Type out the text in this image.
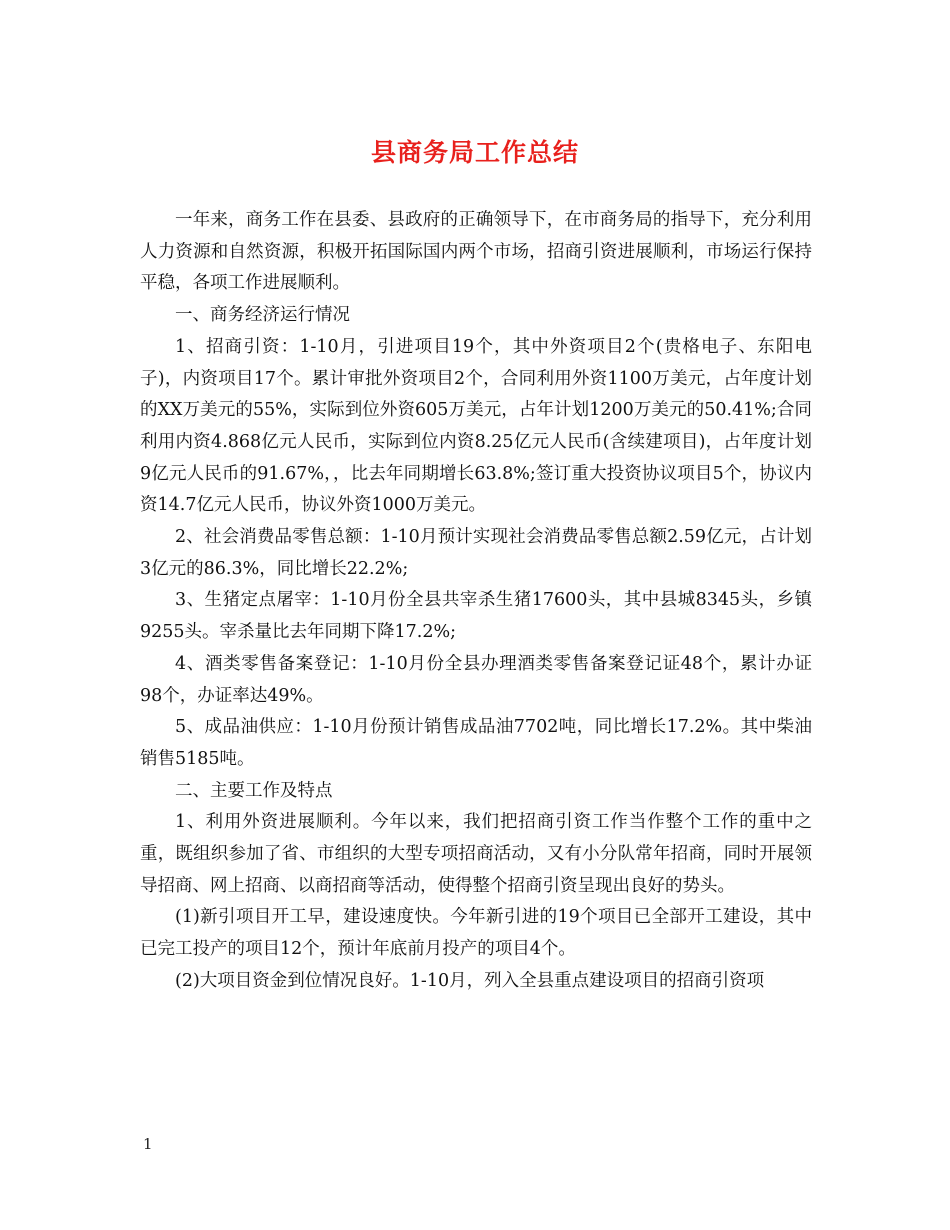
县商务局工作总结

一年来，商务工作在县委、县政府的正确领导下，在市商务局的指导下，充分利用人力资源和自然资源，积极开拓国际国内两个市场，招商引资进展顺利，市场运行保持平稳，各项工作进展顺利。

一、商务经济运行情况

1、招商引资：1-10月，引进项目19个，其中外资项目2个(贵格电子、东阳电子)，内资项目17个。累计审批外资项目2个，合同利用外资1100万美元，占年度计划的XX万美元的55%，实际到位外资605万美元，占年计划1200万美元的50.41%;合同利用内资4.868亿元人民币，实际到位内资8.25亿元人民币(含续建项目)，占年度计划9亿元人民币的91.67%，，比去年同期增长63.8%;签订重大投资协议项目5个，协议内资14.7亿元人民币，协议外资1000万美元。

2、社会消费品零售总额：1-10月预计实现社会消费品零售总额2.59亿元，占计划3亿元的86.3%，同比增长22.2%;

3、生猪定点屠宰：1-10月份全县共宰杀生猪17600头，其中县城8345头，乡镇9255头。宰杀量比去年同期下降17.2%;

4、酒类零售备案登记：1-10月份全县办理酒类零售备案登记证48个，累计办证98个，办证率达49%。

5、成品油供应：1-10月份预计销售成品油7702吨，同比增长17.2%。其中柴油销售5185吨。

二、主要工作及特点

1、利用外资进展顺利。今年以来，我们把招商引资工作当作整个工作的重中之重，既组织参加了省、市组织的大型专项招商活动，又有小分队常年招商，同时开展领导招商、网上招商、以商招商等活动，使得整个招商引资呈现出良好的势头。

(1)新引项目开工早，建设速度快。今年新引进的19个项目已全部开工建设，其中已完工投产的项目12个，预计年底前月投产的项目4个。

(2)大项目资金到位情况良好。1-10月，列入全县重点建设项目的招商引资项

1
